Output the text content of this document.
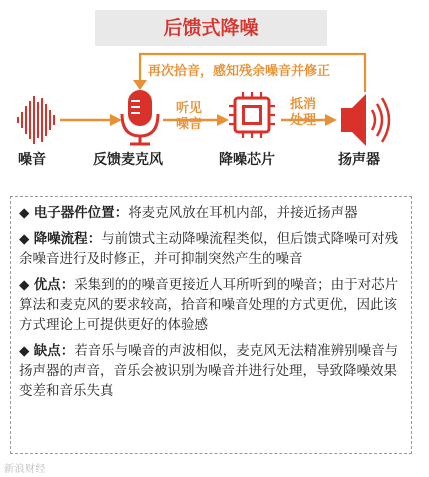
后馈式降噪
再次拾音，感知残余噪音并修正
听见
噪音
抵消
处理
噪音	反馈麦克风	降噪芯片	扬声器
◆ 电子器件位置：将麦克风放在耳机内部，并接近扬声器
◆ 降噪流程：与前馈式主动降噪流程类似，但后馈式降噪可对残余噪音进行及时修正，并可抑制突然产生的噪音
◆ 优点：采集到的的噪音更接近人耳所听到的噪音；由于对芯片算法和麦克风的要求较高，拾音和噪音处理的方式更优，因此该方式理论上可提供更好的体验感
◆ 缺点：若音乐与噪音的声波相似，麦克风无法精准辨别噪音与扬声器的声音，音乐会被识别为噪音并进行处理，导致降噪效果变差和音乐失真
新浪财经
